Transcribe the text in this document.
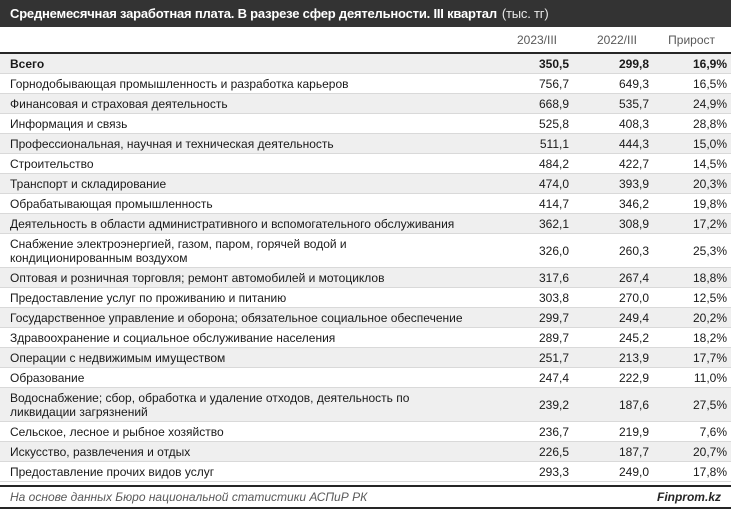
Среднемесячная заработная плата. В разрезе сфер деятельности. III квартал (тыс. тг)
2023/III	2022/III	Прирост
Всего	350,5	299,8	16,9%
Горнодобывающая промышленность и разработка карьеров	756,7	649,3	16,5%
Финансовая и страховая деятельность	668,9	535,7	24,9%
Информация и связь	525,8	408,3	28,8%
Профессиональная, научная и техническая деятельность	511,1	444,3	15,0%
Строительство	484,2	422,7	14,5%
Транспорт и складирование	474,0	393,9	20,3%
Обрабатывающая промышленность	414,7	346,2	19,8%
Деятельность в области административного и вспомогательного обслуживания	362,1	308,9	17,2%
Снабжение электроэнергией, газом, паром, горячей водой и кондиционированным воздухом	326,0	260,3	25,3%
Оптовая и розничная торговля; ремонт автомобилей и мотоциклов	317,6	267,4	18,8%
Предоставление услуг по проживанию и питанию	303,8	270,0	12,5%
Государственное управление и оборона; обязательное социальное обеспечение	299,7	249,4	20,2%
Здравоохранение и социальное обслуживание населения	289,7	245,2	18,2%
Операции с недвижимым имуществом	251,7	213,9	17,7%
Образование	247,4	222,9	11,0%
Водоснабжение; сбор, обработка и удаление отходов, деятельность по ликвидации загрязнений	239,2	187,6	27,5%
Сельское, лесное и рыбное хозяйство	236,7	219,9	7,6%
Искусство, развлечения и отдых	226,5	187,7	20,7%
Предоставление прочих видов услуг	293,3	249,0	17,8%
На основе данных Бюро национальной статистики АСПиР РК	Finprom.kz
